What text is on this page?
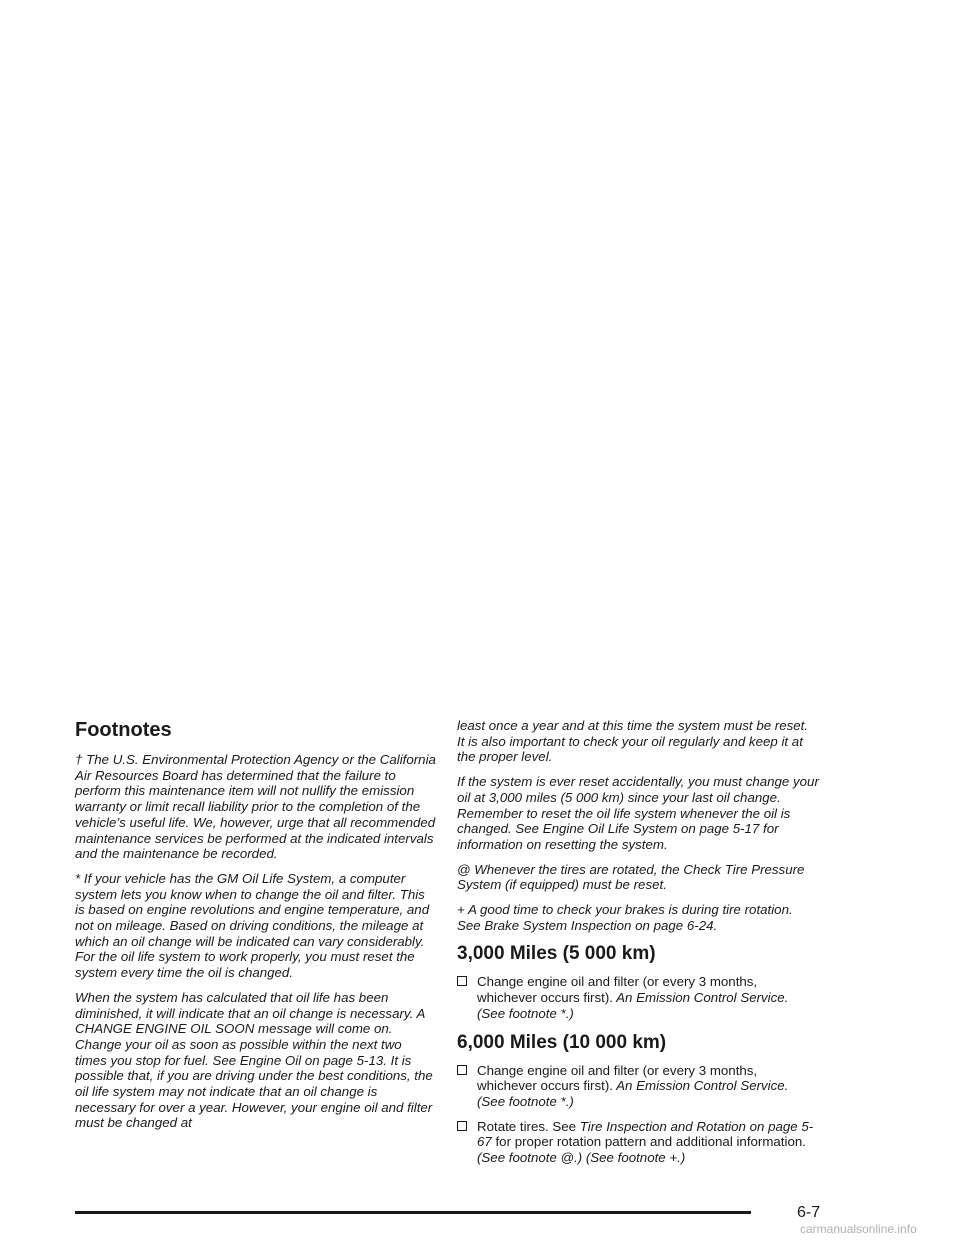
Footnotes

† The U.S. Environmental Protection Agency or the California Air Resources Board has determined that the failure to perform this maintenance item will not nullify the emission warranty or limit recall liability prior to the completion of the vehicle’s useful life. We, however, urge that all recommended maintenance services be performed at the indicated intervals and the maintenance be recorded.

* If your vehicle has the GM Oil Life System, a computer system lets you know when to change the oil and filter. This is based on engine revolutions and engine temperature, and not on mileage. Based on driving conditions, the mileage at which an oil change will be indicated can vary considerably. For the oil life system to work properly, you must reset the system every time the oil is changed.

When the system has calculated that oil life has been diminished, it will indicate that an oil change is necessary. A CHANGE ENGINE OIL SOON message will come on. Change your oil as soon as possible within the next two times you stop for fuel. See Engine Oil on page 5-13. It is possible that, if you are driving under the best conditions, the oil life system may not indicate that an oil change is necessary for over a year. However, your engine oil and filter must be changed at

least once a year and at this time the system must be reset. It is also important to check your oil regularly and keep it at the proper level.

If the system is ever reset accidentally, you must change your oil at 3,000 miles (5 000 km) since your last oil change. Remember to reset the oil life system whenever the oil is changed. See Engine Oil Life System on page 5-17 for information on resetting the system.

@ Whenever the tires are rotated, the Check Tire Pressure System (if equipped) must be reset.

+ A good time to check your brakes is during tire rotation. See Brake System Inspection on page 6-24.

3,000 Miles (5 000 km)
Change engine oil and filter (or every 3 months, whichever occurs first). An Emission Control Service. (See footnote *.)
6,000 Miles (10 000 km)
Change engine oil and filter (or every 3 months, whichever occurs first). An Emission Control Service. (See footnote *.)
Rotate tires. See Tire Inspection and Rotation on page 5-67 for proper rotation pattern and additional information. (See footnote @.) (See footnote +.)
6-7
carmanualsonline.info
